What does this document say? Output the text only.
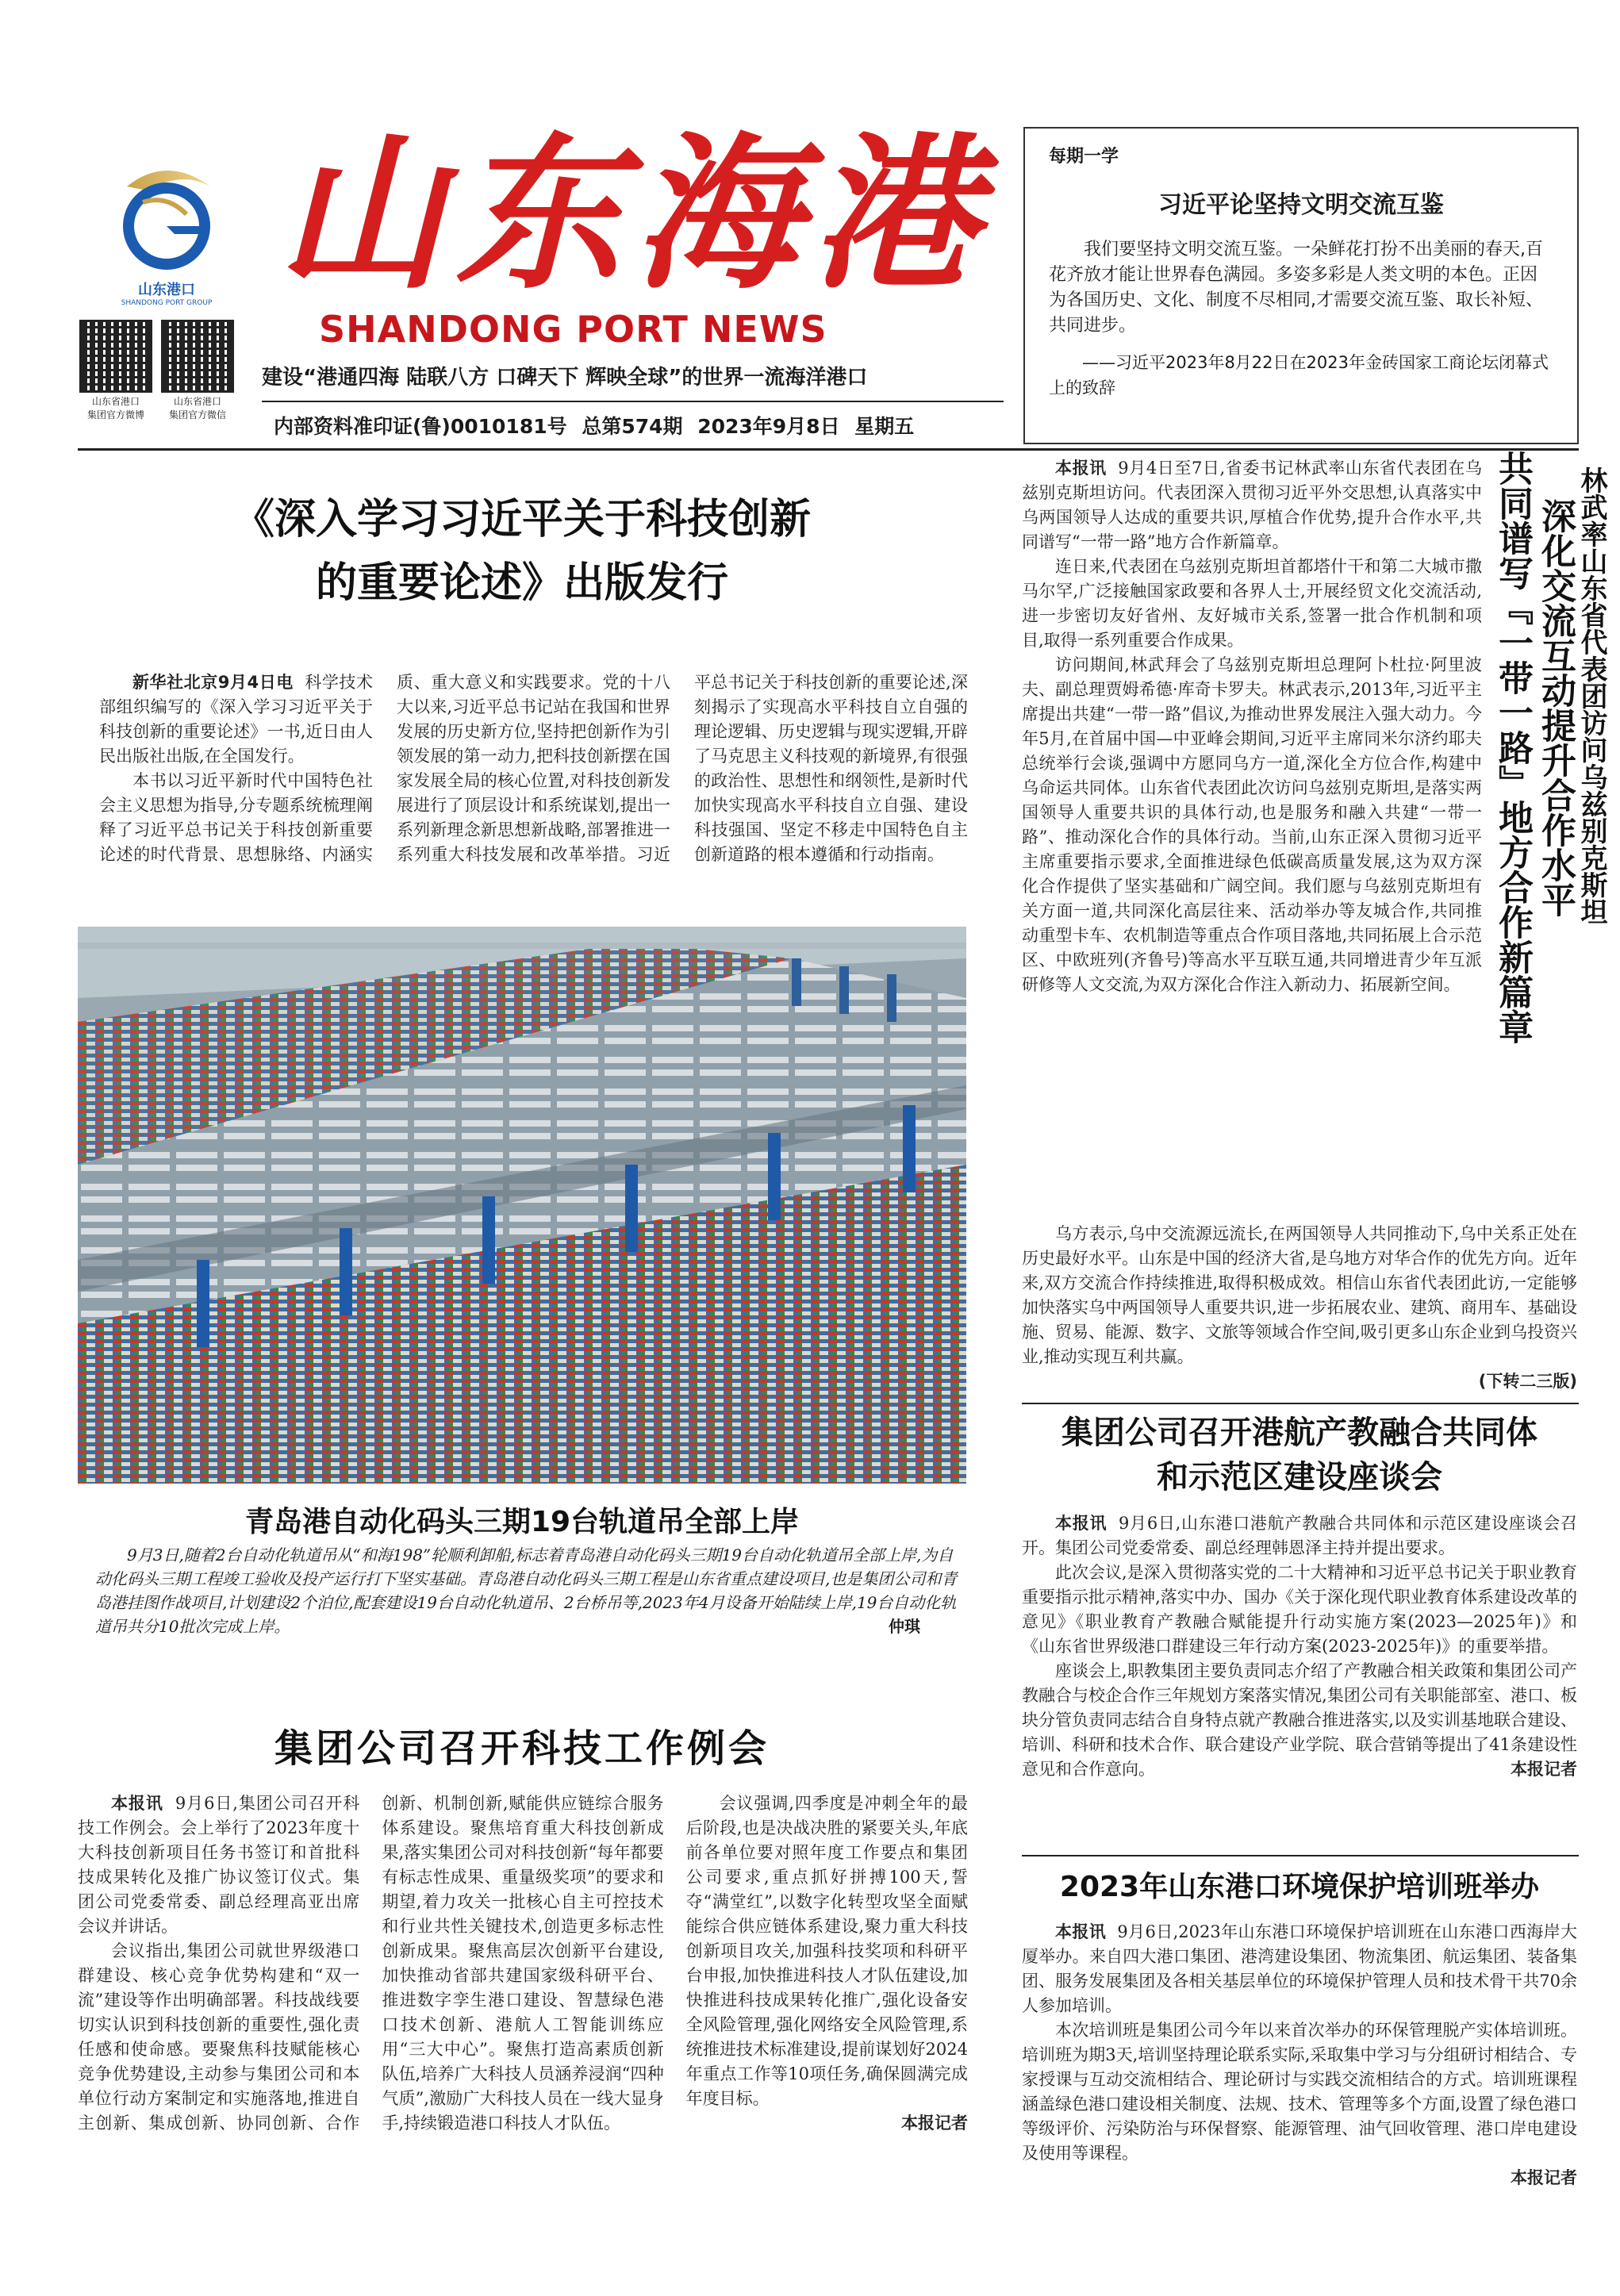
山东港口
SHANDONG PORT GROUP 山东海港
SHANDONG PORT NEWS
山东省港口
集团官方微博
山东省港口
集团官方微信
建设“港通四海 陆联八方 口碑天下 辉映全球”的世界一流海洋港口
内部资料准印证(鲁)0010181号 总第574期 2023年9月8日 星期五
每期一学
习近平论坚持文明交流互鉴
我们要坚持文明交流互鉴。一朵鲜花打扮不出美丽的春天,百花齐放才能让世界春色满园。多姿多彩是人类文明的本色。正因为各国历史、文化、制度不尽相同,才需要交流互鉴、取长补短、共同进步。
——习近平2023年8月22日在2023年金砖国家工商论坛闭幕式上的致辞
《深入学习习近平关于科技创新
的重要论述》出版发行

新华社北京9月4日电 科学技术部组织编写的《深入学习习近平关于科技创新的重要论述》一书,近日由人民出版社出版,在全国发行。

本书以习近平新时代中国特色社会主义思想为指导,分专题系统梳理阐释了习近平总书记关于科技创新重要论述的时代背景、思想脉络、内涵实质、重大意义和实践要求。党的十八大以来,习近平总书记站在我国和世界发展的历史新方位,坚持把创新作为引领发展的第一动力,把科技创新摆在国家发展全局的核心位置,对科技创新发展进行了顶层设计和系统谋划,提出一系列新理念新思想新战略,部署推进一系列重大科技发展和改革举措。习近平总书记关于科技创新的重要论述,深刻揭示了实现高水平科技自立自强的理论逻辑、历史逻辑与现实逻辑,开辟了马克思主义科技观的新境界,有很强的政治性、思想性和纲领性,是新时代加快实现高水平科技自立自强、建设科技强国、坚定不移走中国特色自主创新道路的根本遵循和行动指南。

青岛港自动化码头三期19台轨道吊全部上岸
9月3日,随着2台自动化轨道吊从“和海198”轮顺利卸船,标志着青岛港自动化码头三期19台自动化轨道吊全部上岸,为自动化码头三期工程竣工验收及投产运行打下坚实基础。青岛港自动化码头三期工程是山东省重点建设项目,也是集团公司和青岛港挂图作战项目,计划建设2个泊位,配套建设19台自动化轨道吊、2台桥吊等,2023年4月设备开始陆续上岸,19台自动化轨道吊共分10批次完成上岸。	仲琪
集团公司召开科技工作例会

本报讯 9月6日,集团公司召开科技工作例会。会上举行了2023年度十大科技创新项目任务书签订和首批科技成果转化及推广协议签订仪式。集团公司党委常委、副总经理高亚出席会议并讲话。

会议指出,集团公司就世界级港口群建设、核心竞争优势构建和“双一流”建设等作出明确部署。科技战线要切实认识到科技创新的重要性,强化责任感和使命感。要聚焦科技赋能核心竞争优势建设,主动参与集团公司和本单位行动方案制定和实施落地,推进自主创新、集成创新、协同创新、合作创新、机制创新,赋能供应链综合服务体系建设。聚焦培育重大科技创新成果,落实集团公司对科技创新“每年都要有标志性成果、重量级奖项”的要求和期望,着力攻关一批核心自主可控技术和行业共性关键技术,创造更多标志性创新成果。聚焦高层次创新平台建设,加快推动省部共建国家级科研平台、推进数字孪生港口建设、智慧绿色港口技术创新、港航人工智能训练应用“三大中心”。聚焦打造高素质创新队伍,培养广大科技人员涵养浸润“四种气质”,激励广大科技人员在一线大显身手,持续锻造港口科技人才队伍。

会议强调,四季度是冲刺全年的最后阶段,也是决战决胜的紧要关头,年底前各单位要对照年度工作要点和集团公司要求,重点抓好拼搏100天,誓夺“满堂红”,以数字化转型攻坚全面赋能综合供应链体系建设,聚力重大科技创新项目攻关,加强科技奖项和科研平台申报,加快推进科技人才队伍建设,加快推进科技成果转化推广,强化设备安全风险管理,强化网络安全风险管理,系统推进技术标准建设,提前谋划好2024年重点工作等10项任务,确保圆满完成年度目标。

本报记者

本报讯 9月4日至7日,省委书记林武率山东省代表团在乌兹别克斯坦访问。代表团深入贯彻习近平外交思想,认真落实中乌两国领导人达成的重要共识,厚植合作优势,提升合作水平,共同谱写“一带一路”地方合作新篇章。

连日来,代表团在乌兹别克斯坦首都塔什干和第二大城市撒马尔罕,广泛接触国家政要和各界人士,开展经贸文化交流活动,进一步密切友好省州、友好城市关系,签署一批合作机制和项目,取得一系列重要合作成果。

访问期间,林武拜会了乌兹别克斯坦总理阿卜杜拉·阿里波夫、副总理贾姆希德·库奇卡罗夫。林武表示,2013年,习近平主席提出共建“一带一路”倡议,为推动世界发展注入强大动力。今年5月,在首届中国—中亚峰会期间,习近平主席同米尔济约耶夫总统举行会谈,强调中方愿同乌方一道,深化全方位合作,构建中乌命运共同体。山东省代表团此次访问乌兹别克斯坦,是落实两国领导人重要共识的具体行动,也是服务和融入共建“一带一路”、推动深化合作的具体行动。当前,山东正深入贯彻习近平主席重要指示要求,全面推进绿色低碳高质量发展,这为双方深化合作提供了坚实基础和广阔空间。我们愿与乌兹别克斯坦有关方面一道,共同深化高层往来、活动举办等友城合作,共同推动重型卡车、农机制造等重点合作项目落地,共同拓展上合示范区、中欧班列(齐鲁号)等高水平互联互通,共同增进青少年互派研修等人文交流,为双方深化合作注入新动力、拓展新空间。

林武率山东省代表团访问乌兹别克斯坦
深化交流互动提升合作水平
共同谱写『一带一路』地方合作新篇章

乌方表示,乌中交流源远流长,在两国领导人共同推动下,乌中关系正处在历史最好水平。山东是中国的经济大省,是乌地方对华合作的优先方向。近年来,双方交流合作持续推进,取得积极成效。相信山东省代表团此访,一定能够加快落实乌中两国领导人重要共识,进一步拓展农业、建筑、商用车、基础设施、贸易、能源、数字、文旅等领域合作空间,吸引更多山东企业到乌投资兴业,推动实现互利共赢。

(下转二三版)

集团公司召开港航产教融合共同体
和示范区建设座谈会

本报讯 9月6日,山东港口港航产教融合共同体和示范区建设座谈会召开。集团公司党委常委、副总经理韩恩泽主持并提出要求。

此次会议,是深入贯彻落实党的二十大精神和习近平总书记关于职业教育重要指示批示精神,落实中办、国办《关于深化现代职业教育体系建设改革的意见》《职业教育产教融合赋能提升行动实施方案(2023—2025年)》和《山东省世界级港口群建设三年行动方案(2023-2025年)》的重要举措。

座谈会上,职教集团主要负责同志介绍了产教融合相关政策和集团公司产教融合与校企合作三年规划方案落实情况,集团公司有关职能部室、港口、板块分管负责同志结合自身特点就产教融合推进落实,以及实训基地联合建设、培训、科研和技术合作、联合建设产业学院、联合营销等提出了41条建设性意见和合作意向。	本报记者

2023年山东港口环境保护培训班举办

本报讯 9月6日,2023年山东港口环境保护培训班在山东港口西海岸大厦举办。来自四大港口集团、港湾建设集团、物流集团、航运集团、装备集团、服务发展集团及各相关基层单位的环境保护管理人员和技术骨干共70余人参加培训。

本次培训班是集团公司今年以来首次举办的环保管理脱产实体培训班。培训班为期3天,培训坚持理论联系实际,采取集中学习与分组研讨相结合、专家授课与互动交流相结合、理论研讨与实践交流相结合的方式。培训班课程涵盖绿色港口建设相关制度、法规、技术、管理等多个方面,设置了绿色港口等级评价、污染防治与环保督察、能源管理、油气回收管理、港口岸电建设及使用等课程。

本报记者
